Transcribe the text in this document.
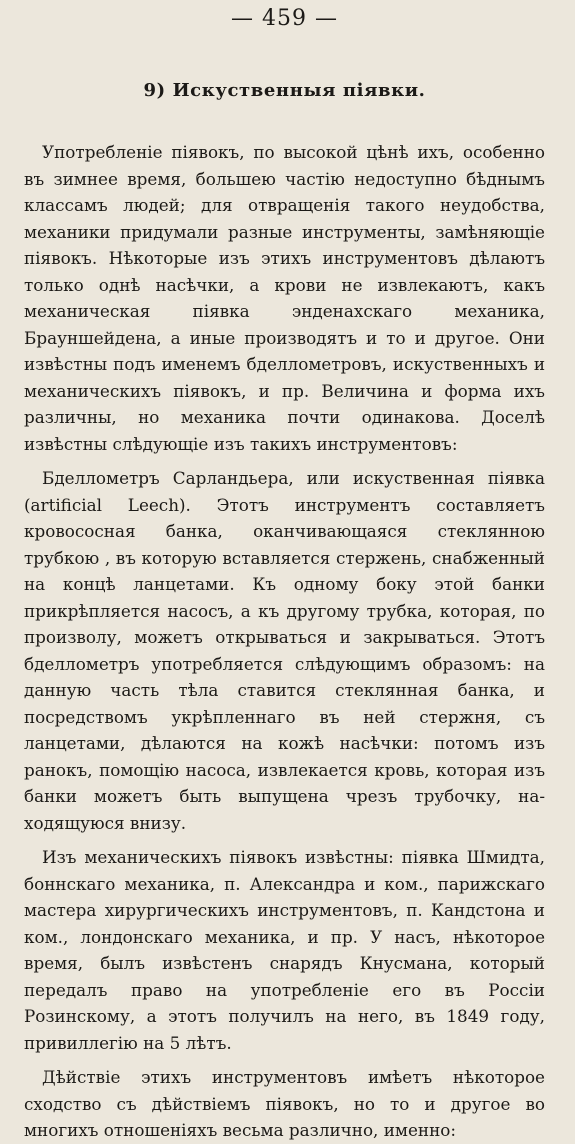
— 459 —
9) Искуственныя піявки.

Употребленіе піявокъ, по высокой цѣнѣ ихъ, особенно въ зимнее время, большею частію недоступно бѣднымъ классамъ людей; для отвращенія такого неудобства, механики придумали разные инструменты, замѣняющіе піявокъ. Нѣкоторые изъ этихъ инструментовъ дѣлаютъ только однѣ насѣчки, а крови не извлекаютъ, какъ механическая піявка энденахскаго механика, Брауншейдена, а иные производятъ и то и другое. Они извѣстны подъ именемъ бделлометровъ, искуственныхъ и механическихъ піявокъ, и пр. Величина и форма ихъ различны, но механика почти одинакова. Доселѣ извѣстны слѣдующіе изъ такихъ инструментовъ:

Бделлометръ Сарландьера, или искуственная піявка (artificial Leech). Этотъ инструментъ составляетъ кровососная банка, оканчивающаяся стеклянною трубкою , въ которую вставляется стержень, снабженный на концѣ ланцетами. Къ одному боку этой банки прикрѣпляется насосъ, а къ другому трубка, которая, по произволу, можетъ открываться и закрываться. Этотъ бделлометръ употребляется слѣдующимъ образомъ: на данную часть тѣла ставится стеклянная банка, и посредствомъ укрѣпленнаго въ ней стержня, съ ланцетами, дѣлаются на кожѣ насѣчки: потомъ изъ ранокъ, помощію насоса, извлекается кровь, которая изъ банки можетъ быть выпущена чрезъ трубочку, находящуюся внизу.

Изъ механическихъ піявокъ извѣстны: піявка Шмидта, боннскаго механика, п. Александра и ком., парижскаго мастера хирургическихъ инструментовъ, п. Кандстона и ком., лондонскаго механика, и пр. У насъ, нѣкоторое время, былъ извѣстенъ снарядъ Кнусмана, который передалъ право на употребленіе его въ Россіи Розинскому, а этотъ получилъ на него, въ 1849 году, привиллегію на 5 лѣтъ.

Дѣйствіе этихъ инструментовъ имѣетъ нѣкоторое сходство съ дѣйствіемъ піявокъ, но то и другое во многихъ отношеніяхъ весьма различно, именно:
